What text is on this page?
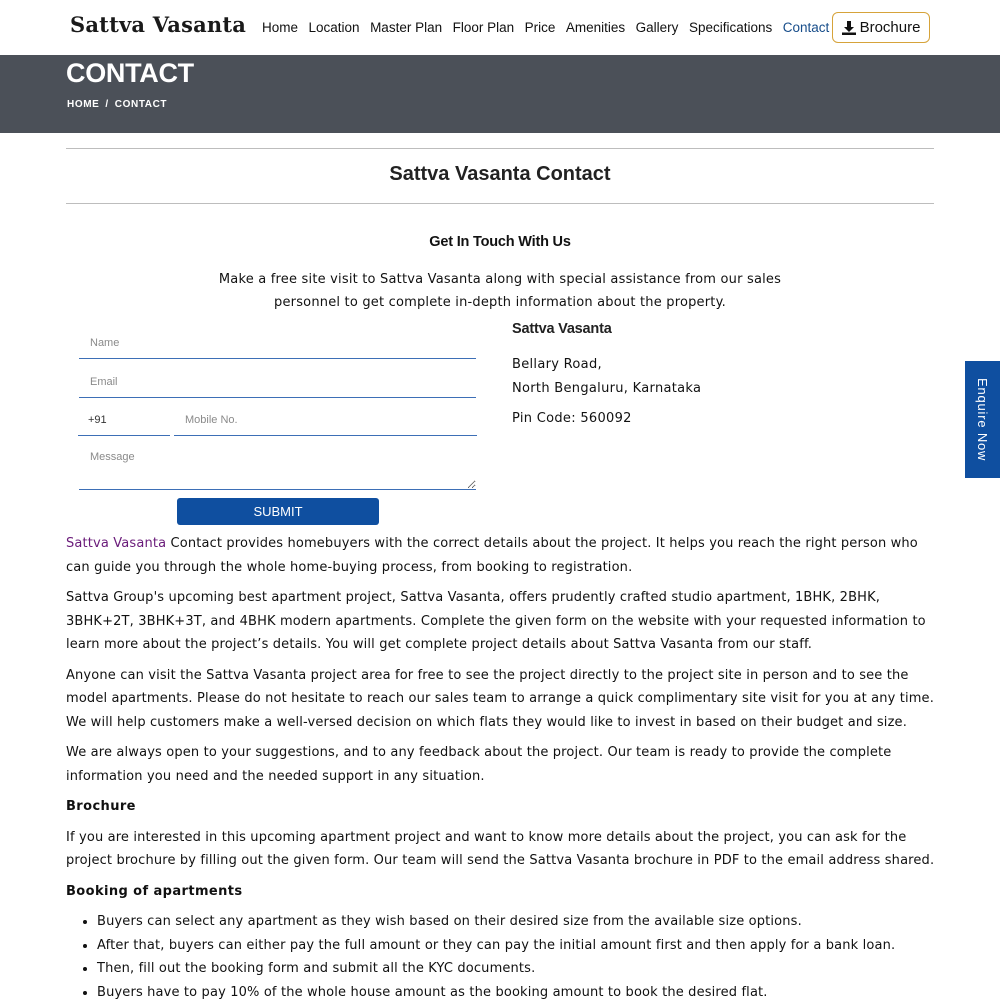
Sattva Vasanta Home Location Master Plan Floor Plan Price Amenities Gallery Specifications Contact Brochure
CONTACT
HOME / CONTACT
Sattva Vasanta Contact
Get In Touch With Us
Make a free site visit to Sattva Vasanta along with special assistance from our sales personnel to get complete in-depth information about the property.
Name
Email
+91
Mobile No.
Message
SUBMIT
Sattva Vasanta
Bellary Road,
North Bengaluru, Karnataka
Pin Code: 560092	Enquire Now

Sattva Vasanta Contact provides homebuyers with the correct details about the project. It helps you reach the right person who can guide you through the whole home-buying process, from booking to registration.

Sattva Group's upcoming best apartment project, Sattva Vasanta, offers prudently crafted studio apartment, 1BHK, 2BHK, 3BHK+2T, 3BHK+3T, and 4BHK modern apartments. Complete the given form on the website with your requested information to learn more about the project’s details. You will get complete project details about Sattva Vasanta from our staff.

Anyone can visit the Sattva Vasanta project area for free to see the project directly to the project site in person and to see the model apartments. Please do not hesitate to reach our sales team to arrange a quick complimentary site visit for you at any time. We will help customers make a well-versed decision on which flats they would like to invest in based on their budget and size.

We are always open to your suggestions, and to any feedback about the project. Our team is ready to provide the complete information you need and the needed support in any situation.

Brochure

If you are interested in this upcoming apartment project and want to know more details about the project, you can ask for the project brochure by filling out the given form. Our team will send the Sattva Vasanta brochure in PDF to the email address shared.

Booking of apartments
• Buyers can select any apartment as they wish based on their desired size from the available size options.
• After that, buyers can either pay the full amount or they can pay the initial amount first and then apply for a bank loan.
• Then, fill out the booking form and submit all the KYC documents.
• Buyers have to pay 10% of the whole house amount as the booking amount to book the desired flat.
